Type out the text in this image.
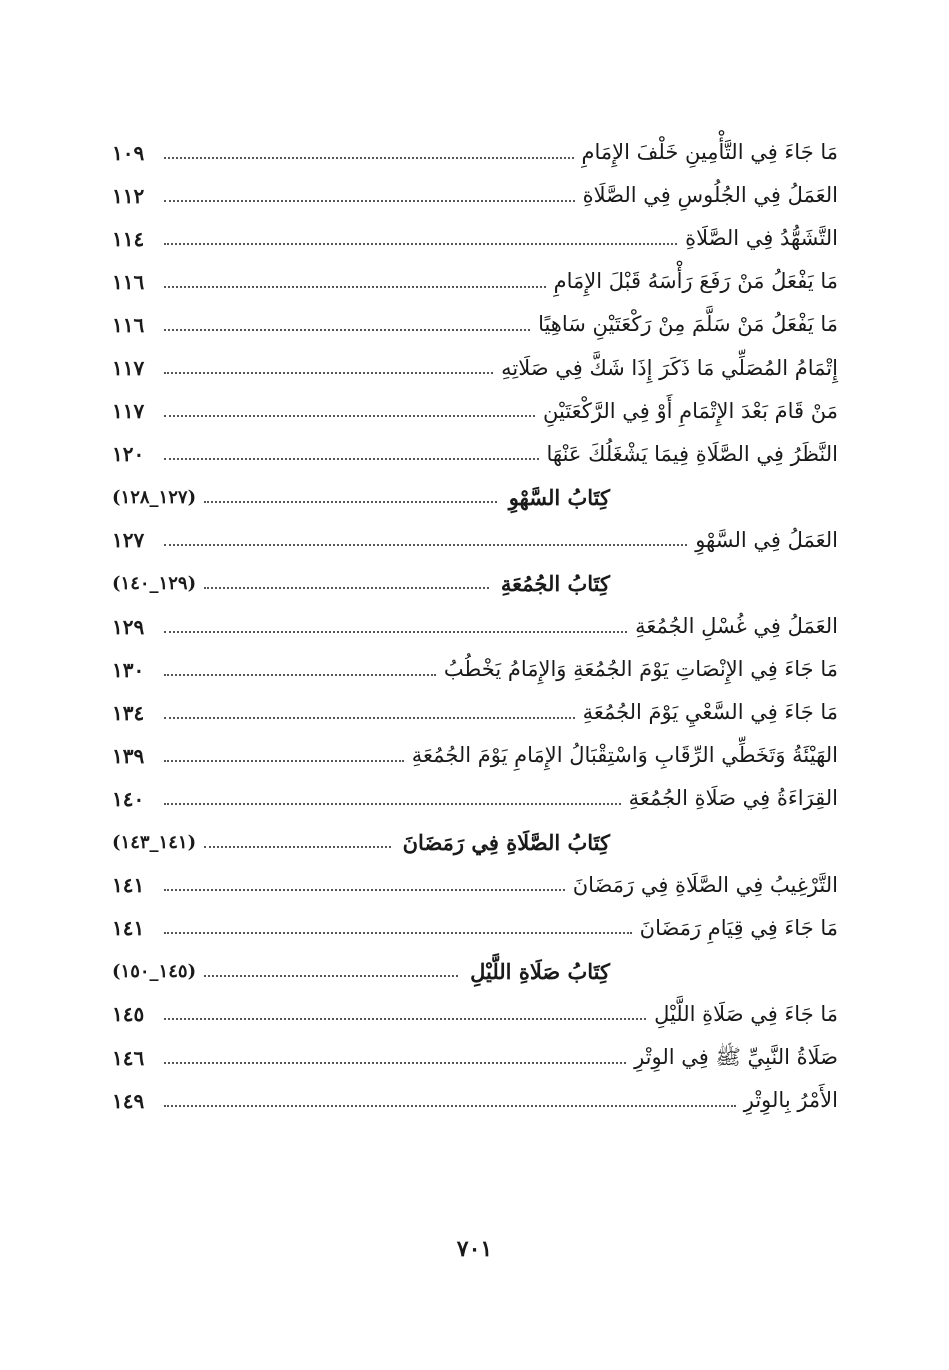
مَا جَاءَ فِي التَّأْمِينِ خَلْفَ الإِمَامِ
١٠٩
العَمَلُ فِي الجُلُوسِ فِي الصَّلَاةِ
١١٢
التَّشَهُّدُ فِي الصَّلَاةِ
١١٤
مَا يَفْعَلُ مَنْ رَفَعَ رَأْسَهُ قَبْلَ الإِمَامِ
١١٦
مَا يَفْعَلُ مَنْ سَلَّمَ مِنْ رَكْعَتَيْنِ سَاهِيًا
١١٦
إِتْمَامُ المُصَلِّي مَا ذَكَرَ إِذَا شَكَّ فِي صَلَاتِهِ
١١٧
مَنْ قَامَ بَعْدَ الإِتْمَامِ أَوْ فِي الرَّكْعَتَيْنِ
١١٧
النَّظَرُ فِي الصَّلَاةِ فِيمَا يَشْغَلُكَ عَنْهَا
١٢٠
كِتَابُ السَّهْوِ
(١٢٧_١٢٨)
العَمَلُ فِي السَّهْوِ
١٢٧
كِتَابُ الجُمُعَةِ
(١٢٩_١٤٠)
العَمَلُ فِي غُسْلِ الجُمُعَةِ
١٢٩
مَا جَاءَ فِي الإِنْصَاتِ يَوْمَ الجُمُعَةِ وَالإِمَامُ يَخْطُبُ
١٣٠
مَا جَاءَ فِي السَّعْيِ يَوْمَ الجُمُعَةِ
١٣٤
الهَيْئَةُ وَتَخَطِّي الرِّقَابِ وَاسْتِقْبَالُ الإِمَامِ يَوْمَ الجُمُعَةِ
١٣٩
القِرَاءَةُ فِي صَلَاةِ الجُمُعَةِ
١٤٠
كِتَابُ الصَّلَاةِ فِي رَمَضَانَ
(١٤١_١٤٣)
التَّرْغِيبُ فِي الصَّلَاةِ فِي رَمَضَانَ
١٤١
مَا جَاءَ فِي قِيَامِ رَمَضَانَ
١٤١
كِتَابُ صَلَاةِ اللَّيْلِ
(١٤٥_١٥٠)
مَا جَاءَ فِي صَلَاةِ اللَّيْلِ
١٤٥
صَلَاةُ النَّبِيِّ ﷺ فِي الوِتْرِ
١٤٦
الأَمْرُ بِالوِتْرِ
١٤٩
٧٠١
